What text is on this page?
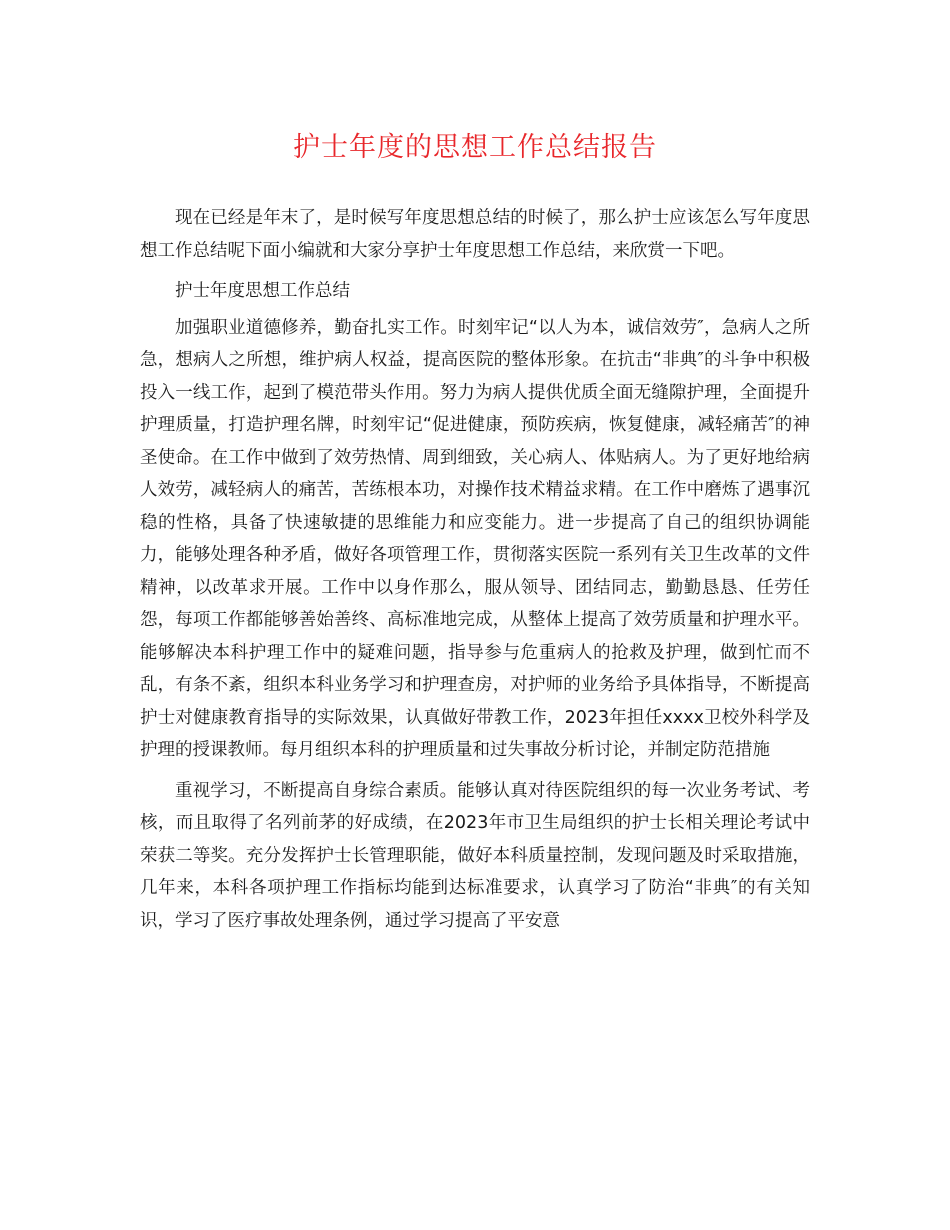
护士年度的思想工作总结报告

现在已经是年末了，是时候写年度思想总结的时候了，那么护士应该怎么写年度思想工作总结呢下面小编就和大家分享护士年度思想工作总结，来欣赏一下吧。

护士年度思想工作总结

加强职业道德修养，勤奋扎实工作。时刻牢记“以人为本，诚信效劳″，急病人之所急，想病人之所想，维护病人权益，提高医院的整体形象。在抗击“非典″的斗争中积极投入一线工作，起到了模范带头作用。努力为病人提供优质全面无缝隙护理，全面提升护理质量，打造护理名牌，时刻牢记“促进健康，预防疾病，恢复健康，减轻痛苦″的神圣使命。在工作中做到了效劳热情、周到细致，关心病人、体贴病人。为了更好地给病人效劳，减轻病人的痛苦，苦练根本功，对操作技术精益求精。在工作中磨炼了遇事沉稳的性格，具备了快速敏捷的思维能力和应变能力。进一步提高了自己的组织协调能力，能够处理各种矛盾，做好各项管理工作，贯彻落实医院一系列有关卫生改革的文件精神，以改革求开展。工作中以身作那么，服从领导、团结同志，勤勤恳恳、任劳任怨，每项工作都能够善始善终、高标准地完成，从整体上提高了效劳质量和护理水平。能够解决本科护理工作中的疑难问题，指导参与危重病人的抢救及护理，做到忙而不乱，有条不紊，组织本科业务学习和护理查房，对护师的业务给予具体指导，不断提高护士对健康教育指导的实际效果，认真做好带教工作，2023年担任xxxx卫校外科学及护理的授课教师。每月组织本科的护理质量和过失事故分析讨论，并制定防范措施

重视学习，不断提高自身综合素质。能够认真对待医院组织的每一次业务考试、考核，而且取得了名列前茅的好成绩，在2023年市卫生局组织的护士长相关理论考试中荣获二等奖。充分发挥护士长管理职能，做好本科质量控制，发现问题及时采取措施，几年来，本科各项护理工作指标均能到达标准要求，认真学习了防治“非典″的有关知识，学习了医疗事故处理条例，通过学习提高了平安意
